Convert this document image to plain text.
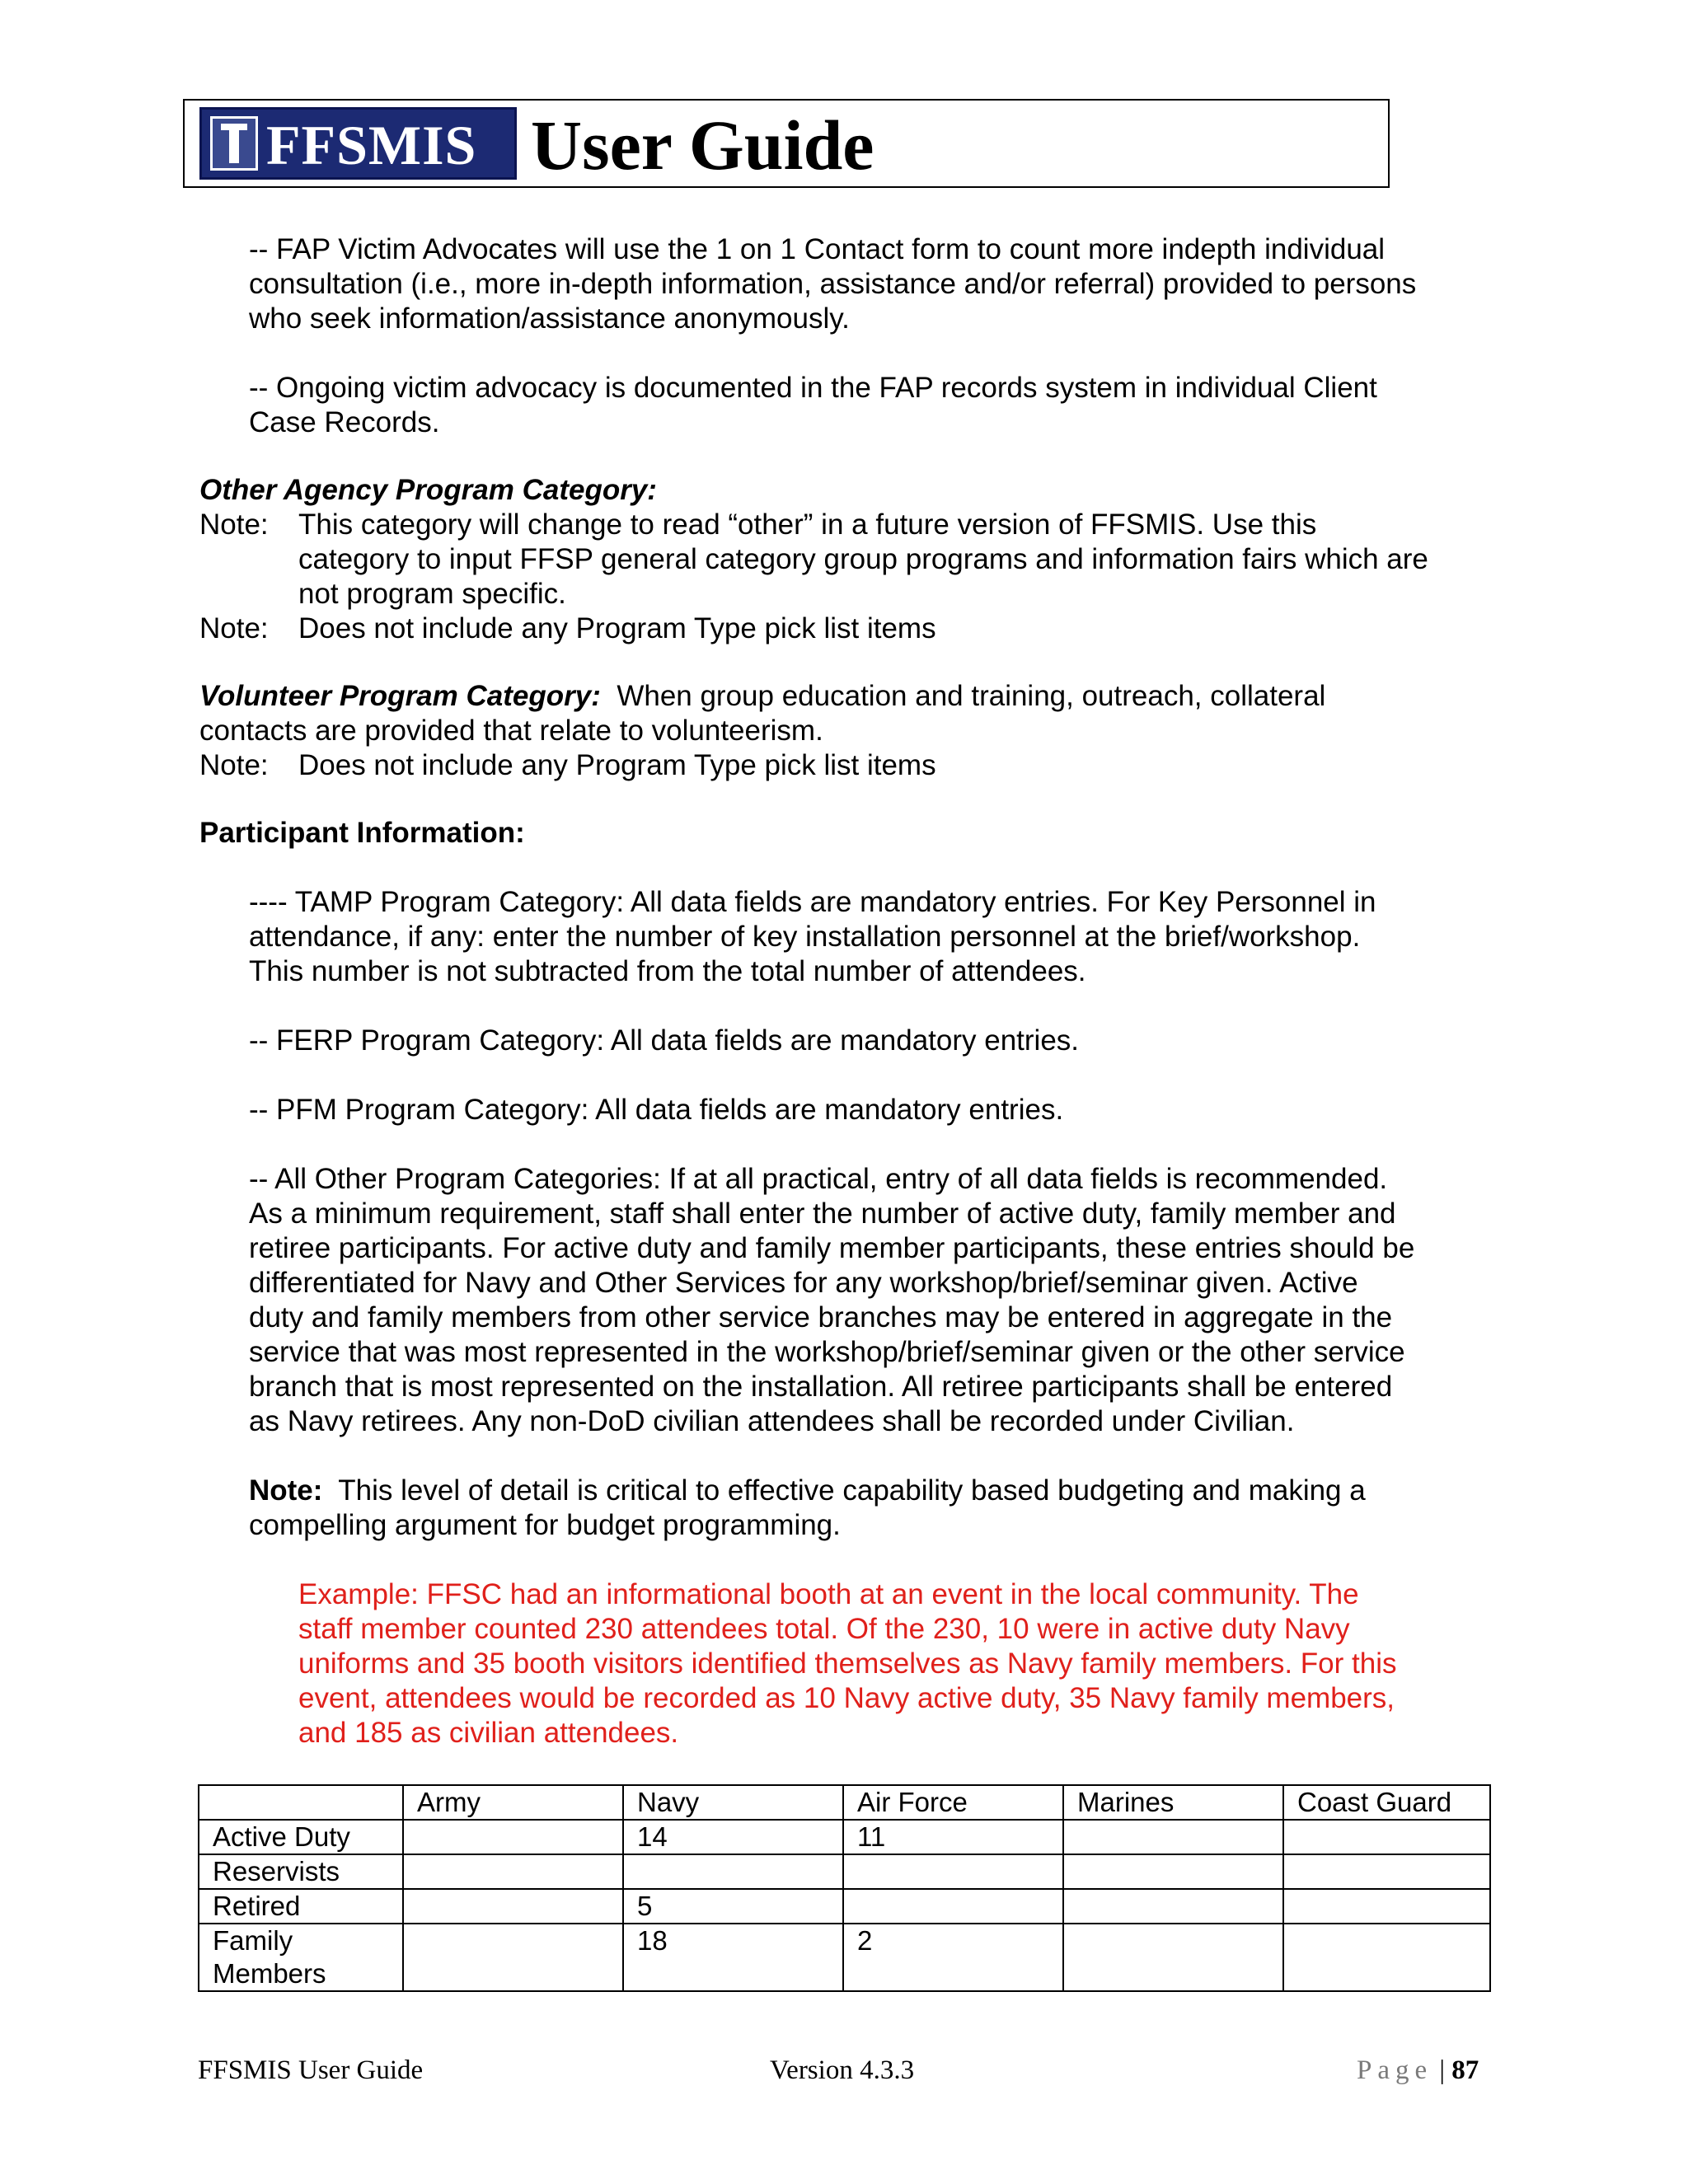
FFSMIS User Guide
-- FAP Victim Advocates will use the 1 on 1 Contact form to count more indepth individual
consultation (i.e., more in-depth information, assistance and/or referral) provided to persons
who seek information/assistance anonymously.
-- Ongoing victim advocacy is documented in the FAP records system in individual Client
Case Records.
Other Agency Program Category:
Note: This category will change to read “other” in a future version of FFSMIS. Use this
category to input FFSP general category group programs and information fairs which are
not program specific.
Note: Does not include any Program Type pick list items
Volunteer Program Category: When group education and training, outreach, collateral
contacts are provided that relate to volunteerism.
Note: Does not include any Program Type pick list items
Participant Information:
---- TAMP Program Category: All data fields are mandatory entries. For Key Personnel in
attendance, if any: enter the number of key installation personnel at the brief/workshop.
This number is not subtracted from the total number of attendees.
-- FERP Program Category: All data fields are mandatory entries.
-- PFM Program Category: All data fields are mandatory entries.
-- All Other Program Categories: If at all practical, entry of all data fields is recommended.
As a minimum requirement, staff shall enter the number of active duty, family member and
retiree participants. For active duty and family member participants, these entries should be
differentiated for Navy and Other Services for any workshop/brief/seminar given. Active
duty and family members from other service branches may be entered in aggregate in the
service that was most represented in the workshop/brief/seminar given or the other service
branch that is most represented on the installation. All retiree participants shall be entered
as Navy retirees. Any non-DoD civilian attendees shall be recorded under Civilian.
Note: This level of detail is critical to effective capability based budgeting and making a
compelling argument for budget programming.
Example: FFSC had an informational booth at an event in the local community. The
staff member counted 230 attendees total. Of the 230, 10 were in active duty Navy
uniforms and 35 booth visitors identified themselves as Navy family members. For this
event, attendees would be recorded as 10 Navy active duty, 35 Navy family members,
and 185 as civilian attendees.
	Army	Navy	Air Force	Marines	Coast Guard
Active Duty		14	11		
Reservists					
Retired		5			

Family
Members		18	2		
FFSMIS User Guide	Version 4.3.3	Page | 87
